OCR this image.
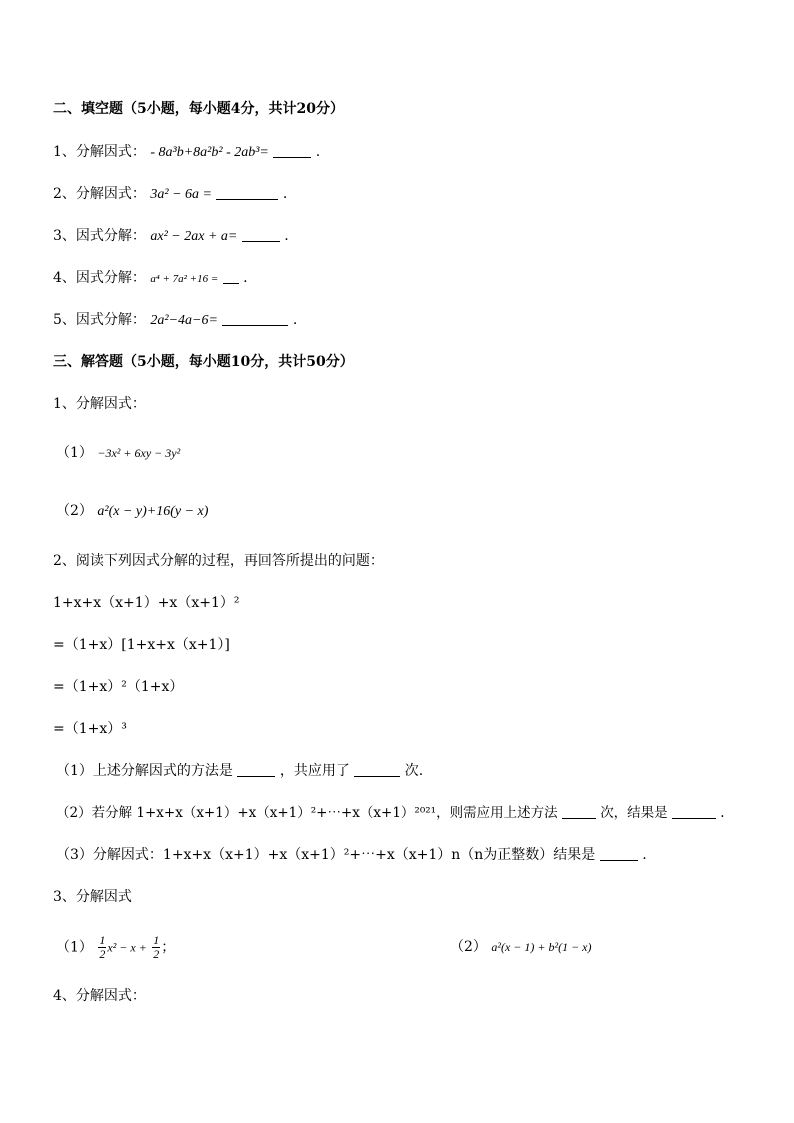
二、填空题（5小题，每小题4分，共计20分）
1、分解因式： - 8a³b+8a²b² - 2ab³=	.
2、分解因式： 3a² − 6a =	.
3、因式分解： ax² − 2ax + a=	.
4、因式分解： a⁴ + 7a² +16 = .
5、因式分解： 2a²−4a−6=	.
三、解答题（5小题，每小题10分，共计50分）
1、分解因式：
（1） −3x² + 6xy − 3y²
（2） a²(x − y)+16(y − x)
2、阅读下列因式分解的过程，再回答所提出的问题：
1+x+x（x+1）+x（x+1）²
=（1+x）[1+x+x（x+1）]
=（1+x）²（1+x）
=（1+x）³
（1）上述分解因式的方法是	，共应用了	次.
（2）若分解 1+x+x（x+1）+x（x+1）²+⋯+x（x+1）²⁰²¹，则需应用上述方法	次，结果是	.
（3）分解因式：1+x+x（x+1）+x（x+1）²+⋯+x（x+1）n（n为正整数）结果是	.
3、分解因式
$(1) \frac{1}{2} x^2 - x + \frac{1}{2}$ ；	（2） a²(x − 1) + b²(1 − x)
4、分解因式：
